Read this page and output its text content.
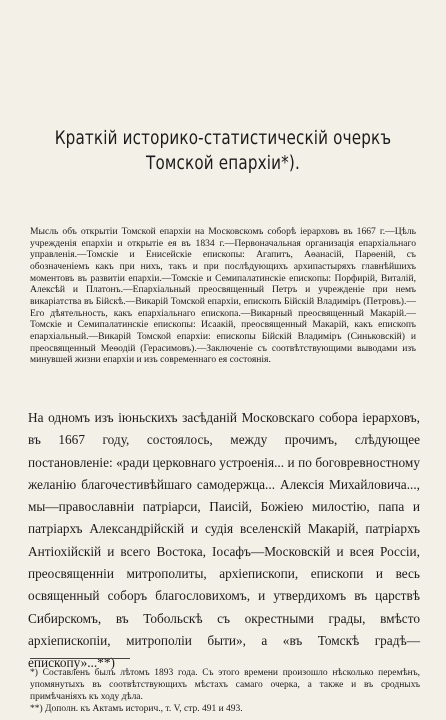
Краткій историко-статистическій очеркъ Томской епархіи*).
Мысль объ открытіи Томской епархіи на Московскомъ соборѣ іерарховъ въ 1667 г.—Цѣль учрежденія епархіи и открытіе ея въ 1834 г.—Первоначальная организація епархіальнаго управленія.—Томскіе и Енисейскіе епископы: Агапитъ, Аѳанасій, Парѳеній, съ обозначеніемъ какъ при нихъ, такъ и при послѣдующихъ архипастыряхъ главнѣйшихъ моментовъ въ развитіи епархіи.—Томскіе и Семипалатинскіе епископы: Порфирій, Виталій, Алексѣй и Платонъ.—Епархіальный преосвященный Петръ и учрежденіе при немъ викаріатства въ Бійскѣ.—Викарій Томской епархіи, епископъ Бійскій Владиміръ (Петровъ).—Его дѣятельность, какъ епархіальнаго епископа.—Викарный преосвященный Макарій.—Томскіе и Семипалатинскіе епископы: Исаакій, преосвященный Макарій, какъ епископъ епархіальный.—Викарій Томской епархіи: епископы Бійскій Владиміръ (Синьковскій) и преосвященный Меѳодій (Герасимовъ).—Заключеніе съ соотвѣтствующими выводами изъ минувшей жизни епархіи и изъ современнаго ея состоянія.
На одномъ изъ іюньскихъ засѣданій Московскаго собора іерарховъ, въ 1667 году, состоялось, между прочимъ, слѣдующее постановленіе: «ради церковнаго устроенія... и по боговревностному желанію благочестивѣйшаго самодержца... Алексія Михайловича..., мы—православніи патріарси, Паисій, Божіею милостію, папа и патріархъ Александрійскій и судія вселенскій Макарій, патріархъ Антіохійскій и всего Востока, Іосафъ—Московскій и всея Россіи, преосвященніи митрополиты, архіепископи, епископи и весь освященный соборъ благословихомъ, и утвердихомъ въ царствѣ Сибирскомъ, въ Тобольскѣ съ окрестными грады, вмѣсто архіепископіи, митрополіи быти», а «въ Томскѣ градѣ—епископу»...**)
*) Составленъ былъ лѣтомъ 1893 года. Съ этого времени произошло нѣсколько перемѣнъ, упомянутыхъ въ соотвѣтствующихъ мѣстахъ самаго очерка, а также и въ сродныхъ примѣчаніяхъ къ ходу дѣла.
**) Дополн. къ Актамъ историч., т. V, стр. 491 и 493.
